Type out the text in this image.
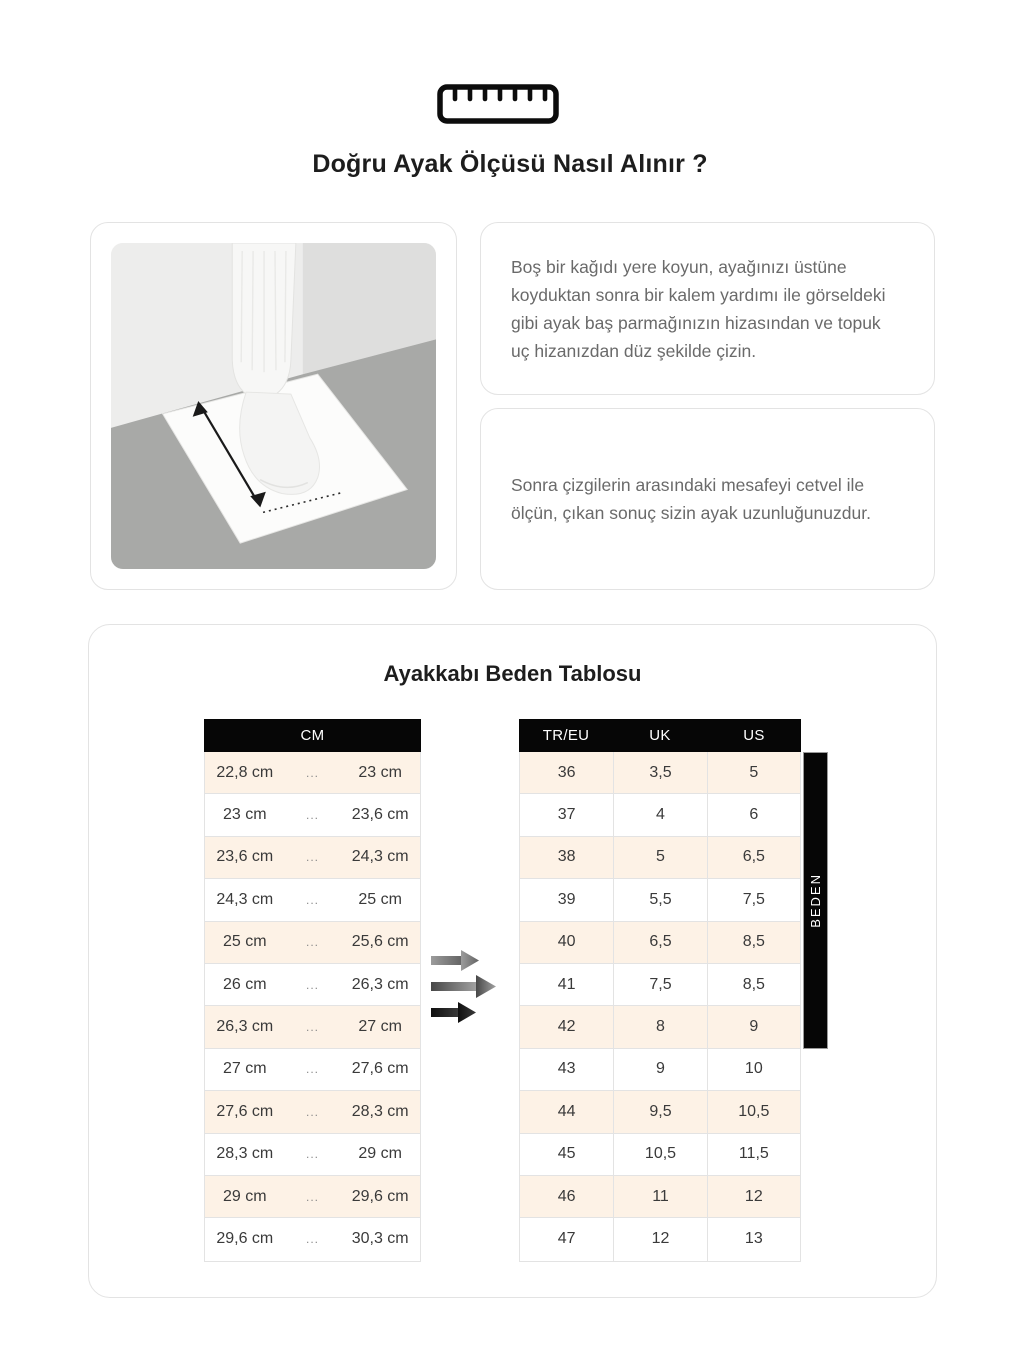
Doğru Ayak Ölçüsü Nasıl Alınır ?

Boş bir kağıdı yere koyun, ayağınızı üstüne koyduktan sonra bir kalem yardımı ile görseldeki gibi ayak baş parmağınızın hizasından ve topuk uç hizanızdan düz şekilde çizin.

Sonra çizgilerin arasındaki mesafeyi cetvel ile ölçün, çıkan sonuç sizin ayak uzunluğunuzdur.

Ayakkabı Beden Tablosu
CM
22,8 cm	...	23 cm
23 cm	...	23,6 cm
23,6 cm	...	24,3 cm
24,3 cm	...	25 cm
25 cm	...	25,6 cm
26 cm	...	26,3 cm
26,3 cm	...	27 cm
27 cm	...	27,6 cm
27,6 cm	...	28,3 cm
28,3 cm	...	29 cm
29 cm	...	29,6 cm
29,6 cm	...	30,3 cm
TR/EU	UK	US
36	3,5	5
37	4	6
38	5	6,5
39	5,5	7,5
40	6,5	8,5
41	7,5	8,5
42	8	9
43	9	10
44	9,5	10,5
45	10,5	11,5
46	11	12
47	12	13
BEDEN
